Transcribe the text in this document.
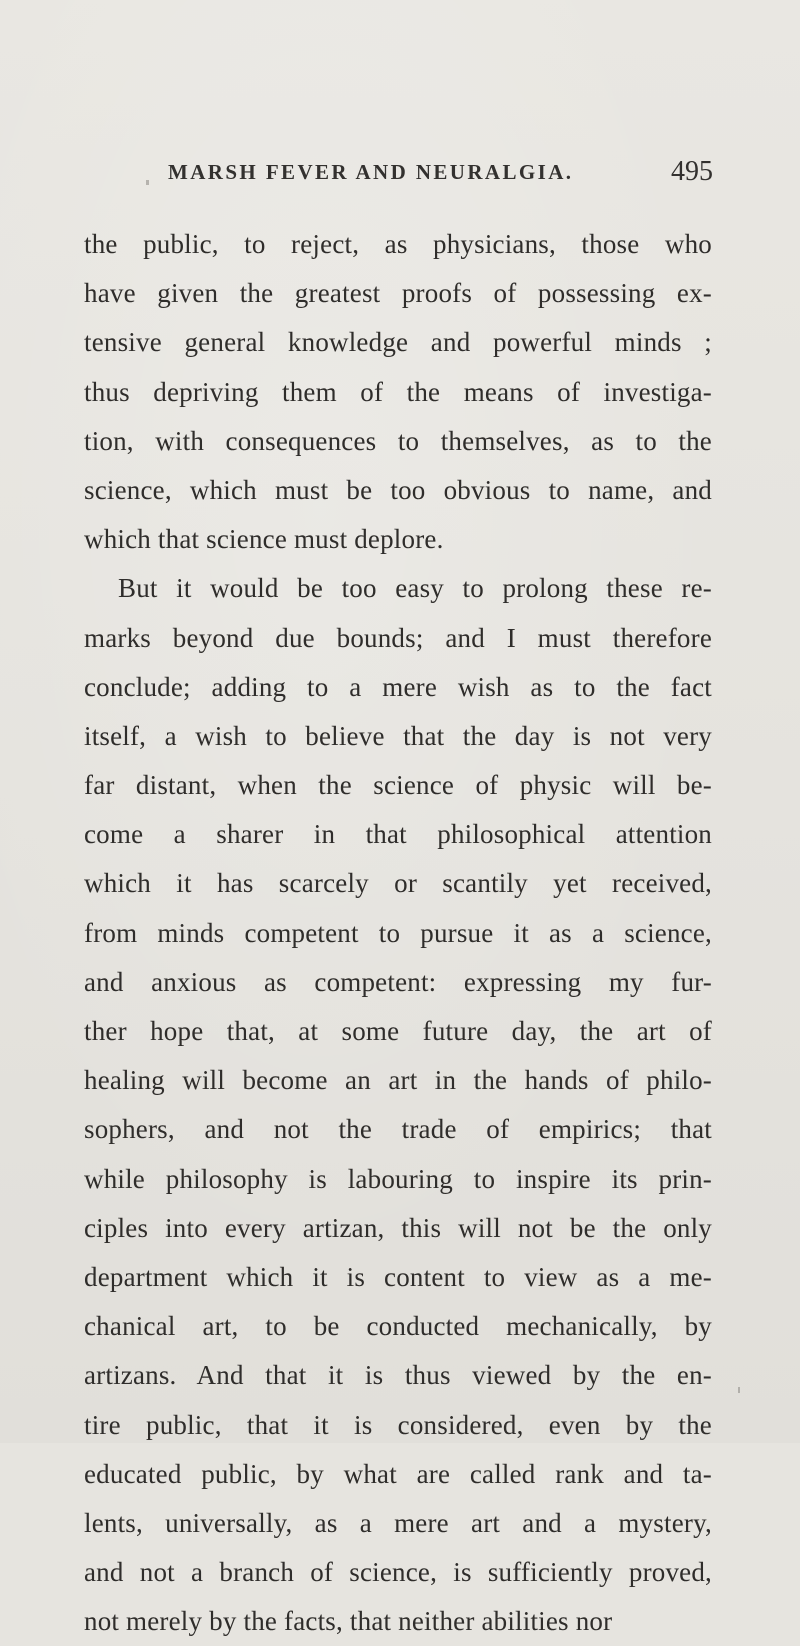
MARSH FEVER AND NEURALGIA.	495
the public, to reject, as physicians, those who
have given the greatest proofs of possessing ex-
tensive general knowledge and powerful minds ;
thus depriving them of the means of investiga-
tion, with consequences to themselves, as to the
science, which must be too obvious to name, and
which that science must deplore.
But it would be too easy to prolong these re-
marks beyond due bounds; and I must therefore
conclude; adding to a mere wish as to the fact
itself, a wish to believe that the day is not very
far distant, when the science of physic will be-
come a sharer in that philosophical attention
which it has scarcely or scantily yet received,
from minds competent to pursue it as a science,
and anxious as competent: expressing my fur-
ther hope that, at some future day, the art of
healing will become an art in the hands of philo-
sophers, and not the trade of empirics; that
while philosophy is labouring to inspire its prin-
ciples into every artizan, this will not be the only
department which it is content to view as a me-
chanical art, to be conducted mechanically, by
artizans. And that it is thus viewed by the en-
tire public, that it is considered, even by the
educated public, by what are called rank and ta-
lents, universally, as a mere art and a mystery,
and not a branch of science, is sufficiently proved,
not merely by the facts, that neither abilities nor
